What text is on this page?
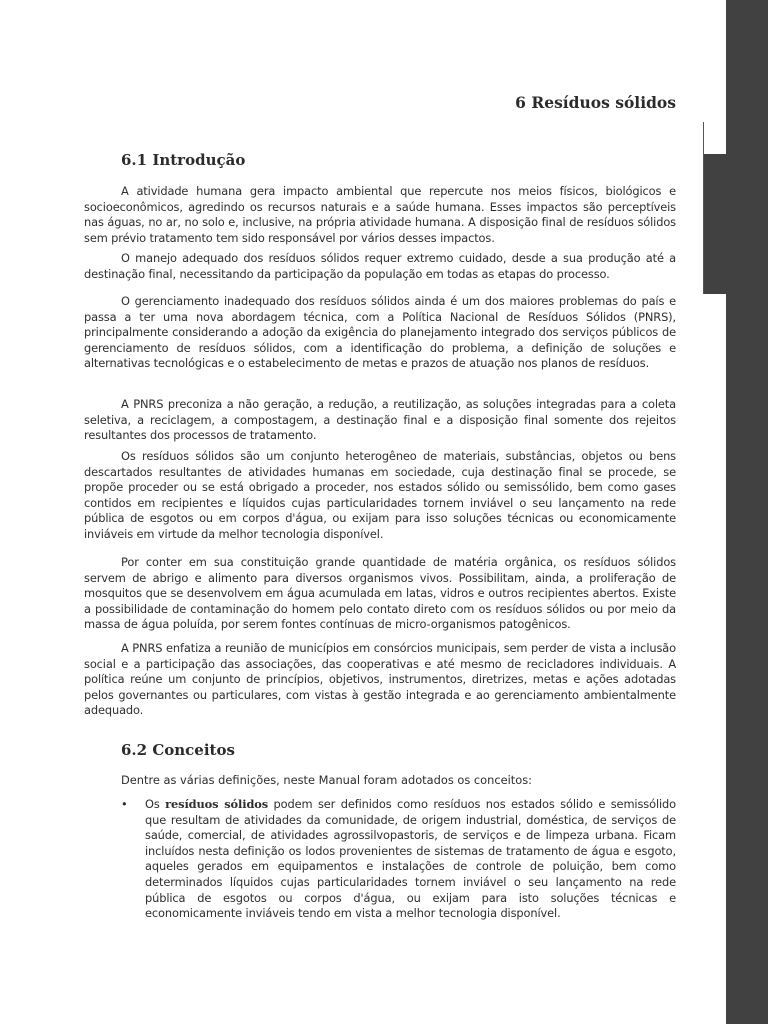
6 Resíduos sólidos
6.1 Introdução

A atividade humana gera impacto ambiental que repercute nos meios físicos, biológicos e socioeconômicos, agredindo os recursos naturais e a saúde humana. Esses impactos são perceptíveis nas águas, no ar, no solo e, inclusive, na própria atividade humana. A disposição final de resíduos sólidos sem prévio tratamento tem sido responsável por vários desses impactos.

O manejo adequado dos resíduos sólidos requer extremo cuidado, desde a sua produção até a destinação final, necessitando da participação da população em todas as etapas do processo.

O gerenciamento inadequado dos resíduos sólidos ainda é um dos maiores problemas do país e passa a ter uma nova abordagem técnica, com a Política Nacional de Resíduos Sólidos (PNRS), principalmente considerando a adoção da exigência do planejamento integrado dos serviços públicos de gerenciamento de resíduos sólidos, com a identificação do problema, a definição de soluções e alternativas tecnológicas e o estabelecimento de metas e prazos de atuação nos planos de resíduos.

A PNRS preconiza a não geração, a redução, a reutilização, as soluções integradas para a coleta seletiva, a reciclagem, a compostagem, a destinação final e a disposição final somente dos rejeitos resultantes dos processos de tratamento.

Os resíduos sólidos são um conjunto heterogêneo de materiais, substâncias, objetos ou bens descartados resultantes de atividades humanas em sociedade, cuja destinação final se procede, se propõe proceder ou se está obrigado a proceder, nos estados sólido ou semissólido, bem como gases contidos em recipientes e líquidos cujas particularidades tornem inviável o seu lançamento na rede pública de esgotos ou em corpos d'água, ou exijam para isso soluções técnicas ou economicamente inviáveis em virtude da melhor tecnologia disponível.

Por conter em sua constituição grande quantidade de matéria orgânica, os resíduos sólidos servem de abrigo e alimento para diversos organismos vivos. Possibilitam, ainda, a proliferação de mosquitos que se desenvolvem em água acumulada em latas, vidros e outros recipientes abertos. Existe a possibilidade de contaminação do homem pelo contato direto com os resíduos sólidos ou por meio da massa de água poluída, por serem fontes contínuas de micro-organismos patogênicos.

A PNRS enfatiza a reunião de municípios em consórcios municipais, sem perder de vista a inclusão social e a participação das associações, das cooperativas e até mesmo de recicladores individuais. A política reúne um conjunto de princípios, objetivos, instrumentos, diretrizes, metas e ações adotadas pelos governantes ou particulares, com vistas à gestão integrada e ao gerenciamento ambientalmente adequado.

6.2 Conceitos

Dentre as várias definições, neste Manual foram adotados os conceitos:

• Os resíduos sólidos podem ser definidos como resíduos nos estados sólido e semissólido que resultam de atividades da comunidade, de origem industrial, doméstica, de serviços de saúde, comercial, de atividades agrossilvopastoris, de serviços e de limpeza urbana. Ficam incluídos nesta definição os lodos provenientes de sistemas de tratamento de água e esgoto, aqueles gerados em equipamentos e instalações de controle de poluição, bem como determinados líquidos cujas particularidades tornem inviável o seu lançamento na rede pública de esgotos ou corpos d'água, ou exijam para isto soluções técnicas e economicamente inviáveis tendo em vista a melhor tecnologia disponível.
